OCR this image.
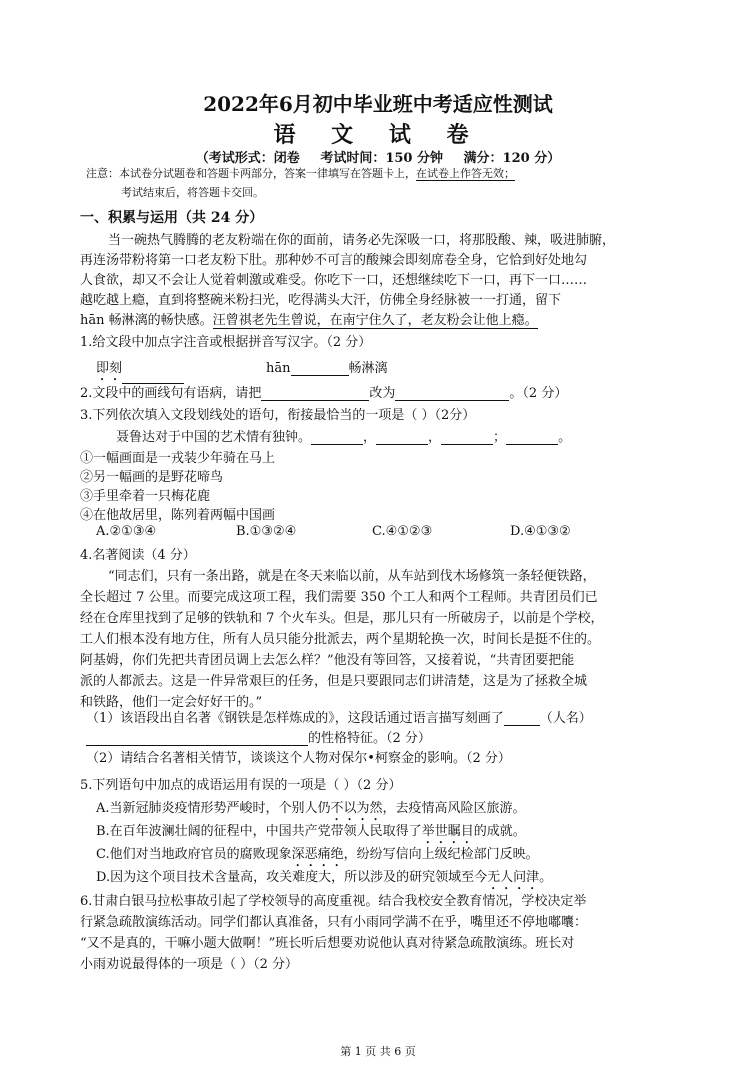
2022年6月初中毕业班中考适应性测试
语 文 试 卷
（考试形式：闭卷 考试时间：150 分钟 满分：120 分）
注意：本试卷分试题卷和答题卡两部分，答案一律填写在答题卡上，在试卷上作答无效；
考试结束后，将答题卡交回。
一、积累与运用（共 24 分）
当一碗热气腾腾的老友粉端在你的面前，请务必先深吸一口，将那股酸、辣，吸进肺腑，
再连汤带粉将第一口老友粉下肚。那种妙不可言的酸辣会即刻席卷全身，它恰到好处地勾
人食欲，却又不会让人觉着刺激或难受。你吃下一口，还想继续吃下一口，再下一口……
越吃越上瘾，直到将整碗米粉扫光，吃得满头大汗，仿佛全身经脉被一一打通，留下
hān 畅淋漓的畅快感。汪曾祺老先生曾说，在南宁住久了，老友粉会让他上瘾。
1.给文段中加点字注音或根据拼音写汉字。（2 分）
即刻	hān	畅淋漓
2.文段中的画线句有语病，请把	改为	。（2 分）
3.下列依次填入文段划线处的语句，衔接最恰当的一项是（ ）（2分）
聂鲁达对于中国的艺术情有独钟。	，	，	；	。
①一幅画面是一戎装少年骑在马上
②另一幅画的是野花啼鸟
③手里牵着一只梅花鹿
④在他故居里，陈列着两幅中国画
A.②①③④	B.①③②④	C.④①②③	D.④①③②
4.名著阅读（4 分）
“同志们，只有一条出路，就是在冬天来临以前，从车站到伐木场修筑一条轻便铁路，
全长超过 7 公里。而要完成这项工程，我们需要 350 个工人和两个工程师。共青团员们已
经在仓库里找到了足够的铁轨和 7 个火车头。但是，那儿只有一所破房子，以前是个学校，
工人们根本没有地方住，所有人员只能分批派去，两个星期轮换一次，时间长是挺不住的。
阿基姆，你们先把共青团员调上去怎么样？”他没有等回答，又接着说，“共青团要把能
派的人都派去。这是一件异常艰巨的任务，但是只要跟同志们讲清楚，这是为了拯救全城
和铁路，他们一定会好好干的。”
（1）该语段出自名著《钢铁是怎样炼成的》，这段话通过语言描写刻画了	（人名）
的性格特征。（2 分）
（2）请结合名著相关情节，谈谈这个人物对保尔•柯察金的影响。（2 分）
5.下列语句中加点的成语运用有误的一项是（ ）（2 分）
A.当新冠肺炎疫情形势严峻时，个别人仍不以为然，去疫情高风险区旅游。
B.在百年波澜壮阔的征程中，中国共产党带领人民取得了举世瞩目的成就。
C.他们对当地政府官员的腐败现象深恶痛绝，纷纷写信向上级纪检部门反映。
D.因为这个项目技术含量高，攻关难度大，所以涉及的研究领域至今无人问津。
6.甘肃白银马拉松事故引起了学校领导的高度重视。结合我校安全教育情况，学校决定举
行紧急疏散演练活动。同学们都认真准备，只有小雨同学满不在乎，嘴里还不停地嘟囔：
“又不是真的，干嘛小题大做啊！”班长听后想要劝说他认真对待紧急疏散演练。班长对
小雨劝说最得体的一项是（ ）（2 分）
第 1 页 共 6 页
